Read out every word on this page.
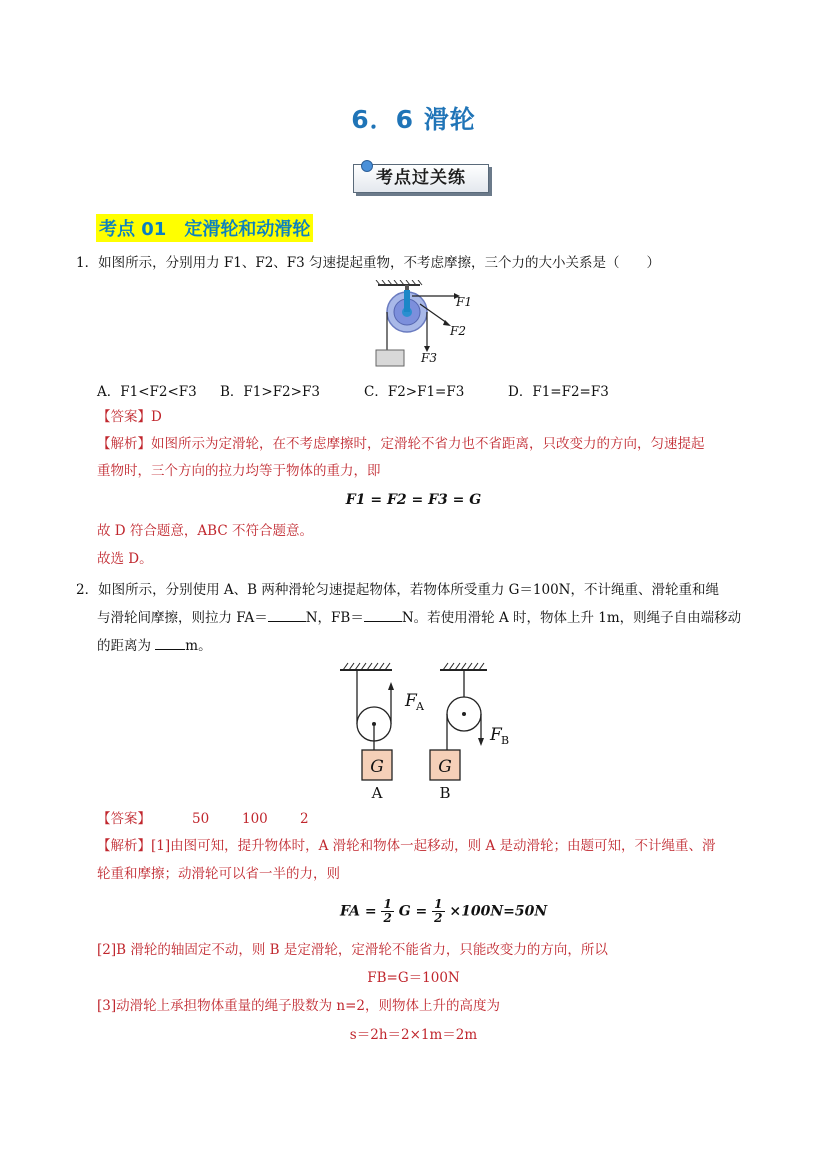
6．6 滑轮
考点过关练
考点 01　定滑轮和动滑轮
1．如图所示，分别用力 F1、F2、F3 匀速提起重物，不考虑摩擦，三个力的大小关系是（　　）
F1
F2
F3
A．F1<F2<F3 B．F1>F2>F3	C．F2>F1=F3	D．F1=F2=F3
【答案】D
【解析】如图所示为定滑轮，在不考虑摩擦时，定滑轮不省力也不省距离，只改变力的方向，匀速提起
重物时，三个方向的拉力均等于物体的重力，即
F1 = F2 = F3 = G
故 D 符合题意，ABC 不符合题意。
故选 D。
2．如图所示，分别使用 A、B 两种滑轮匀速提起物体，若物体所受重力 G＝100N，不计绳重、滑轮重和绳
与滑轮间摩擦，则拉力 FA＝	N，FB＝	N。若使用滑轮 A 时，物体上升 1m，则绳子自由端移动
的距离为 m。
G
F A
A
G
F B
B
【答案】	50 100 2
【解析】[1]由图可知，提升物体时，A 滑轮和物体一起移动，则 A 是动滑轮；由题可知，不计绳重、滑
轮重和摩擦；动滑轮可以省一半的力，则
FA = $\frac{1}{2}$ $G = \frac{1}{2} \times 100N=50N$
[2]B 滑轮的轴固定不动，则 B 是定滑轮，定滑轮不能省力，只能改变力的方向，所以
FB=G＝100N
[3]动滑轮上承担物体重量的绳子股数为 n=2，则物体上升的高度为
s＝2h＝2×1m＝2m
